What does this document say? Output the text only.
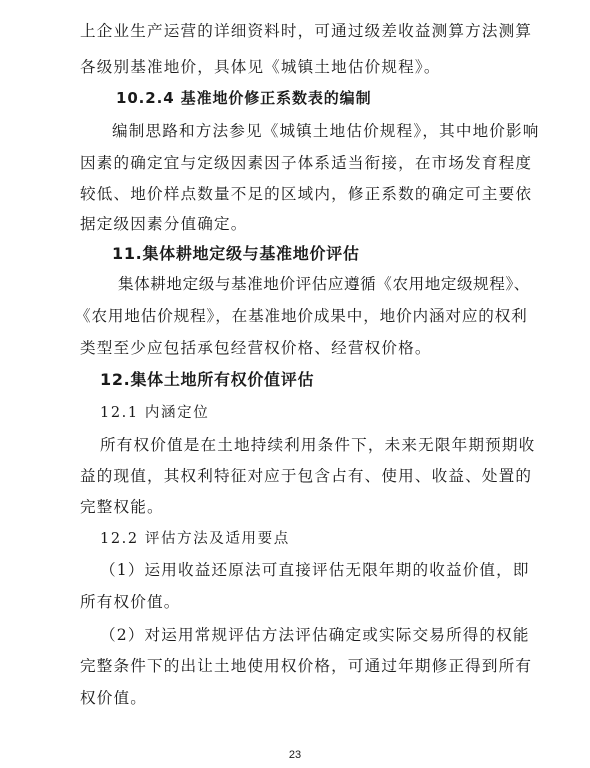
上企业生产运营的详细资料时，可通过级差收益测算方法测算
各级别基准地价，具体见《城镇土地估价规程》。
10.2.4 基准地价修正系数表的编制
编制思路和方法参见《城镇土地估价规程》，其中地价影响
因素的确定宜与定级因素因子体系适当衔接，在市场发育程度
较低、地价样点数量不足的区域内，修正系数的确定可主要依
据定级因素分值确定。
11.集体耕地定级与基准地价评估
集体耕地定级与基准地价评估应遵循《农用地定级规程》、
《农用地估价规程》，在基准地价成果中，地价内涵对应的权利
类型至少应包括承包经营权价格、经营权价格。
12.集体土地所有权价值评估
12.1 内涵定位
所有权价值是在土地持续利用条件下，未来无限年期预期收
益的现值，其权利特征对应于包含占有、使用、收益、处置的
完整权能。
12.2 评估方法及适用要点
（1）运用收益还原法可直接评估无限年期的收益价值，即
所有权价值。
（2）对运用常规评估方法评估确定或实际交易所得的权能
完整条件下的出让土地使用权价格，可通过年期修正得到所有
权价值。
23
